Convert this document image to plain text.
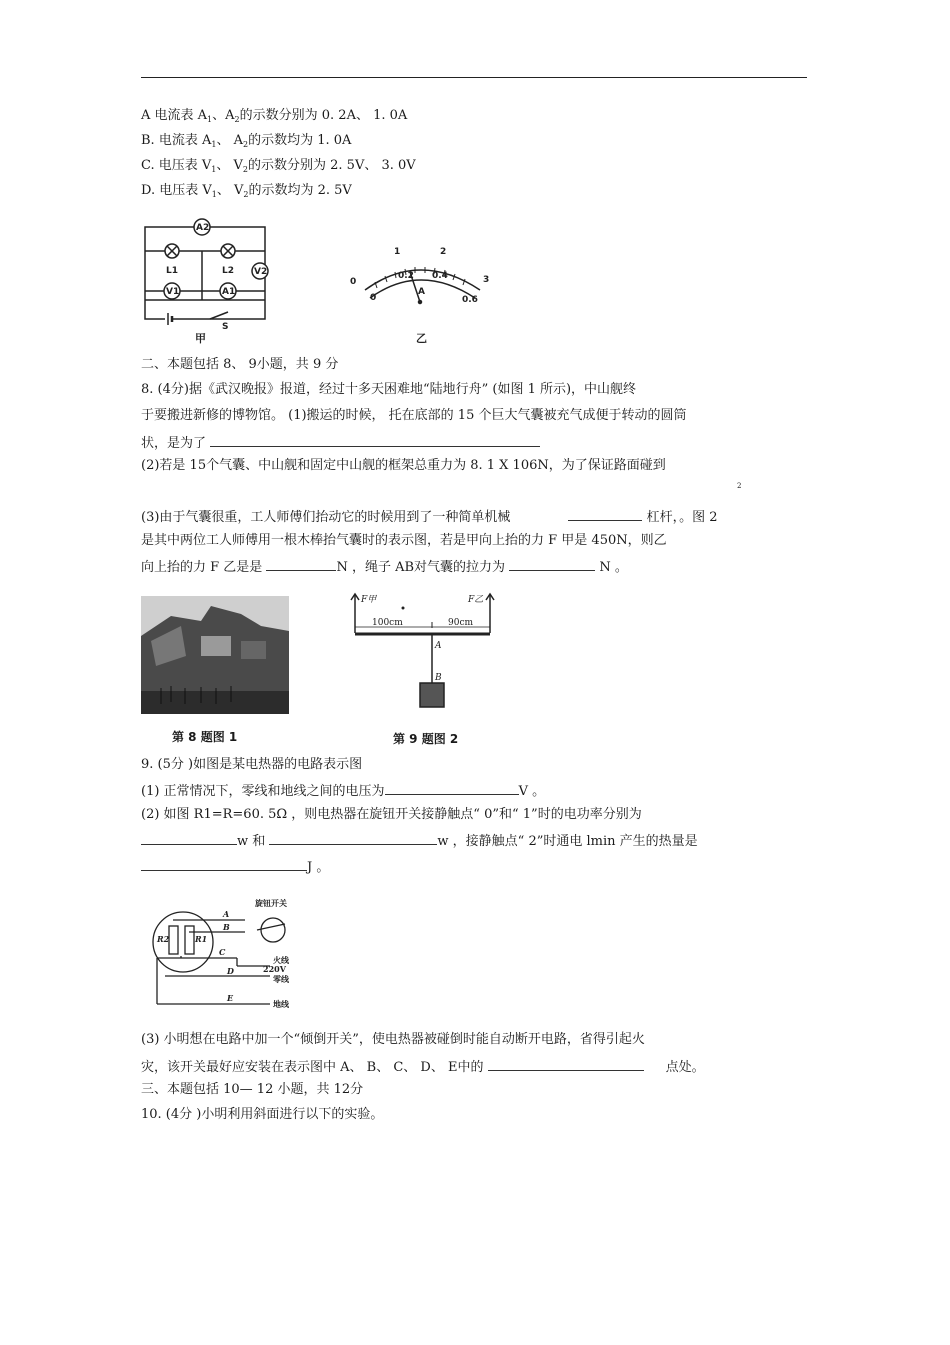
A 电流表 $A_1$、$A_2$的示数分别为 0. 2A、 1. 0A
B. 电流表 $A_1$、 $A_2$的示数均为 1. 0A
C. 电压表 $V_1$、 $V_2$的示数分别为 2. 5V、 3. 0V
D. 电压表 $V_1$、 $V_2$的示数均为 2. 5V
A2
V2
V1	A1
L1	L2
S
甲
1	2
3
0
0.2 0.4
0.6
0
A
乙
二、本题包括 8、 9小题，共 9 分
8. (4分)据《武汉晚报》报道，经过十多天困难地“陆地行舟” (如图 1 所示)，中山舰终
于要搬进新修的博物馆。 (1)搬运的时候， 托在底部的 15 个巨大气囊被充气成便于转动的圆筒
状，是为了
(2)若是 15个气囊、中山舰和固定中山舰的框架总重力为 8. 1 X 106N，为了保证路面碰到
2
(3)由于气囊很重，工人师傅们抬动它的时候用到了一种简单机械	杠杆，。图 2
是其中两位工人师傅用一根木棒抬气囊时的表示图，若是甲向上抬的力 F 甲是 450N，则乙
向上抬的力 F 乙是是	N ，绳子 AB对气囊的拉力为	N 。
第 8 题图 1
F甲	F乙
100cm	90cm
A
B
第 9 题图 2
9. (5分 )如图是某电热器的电路表示图
(1) 正常情况下，零线和地线之间的电压为	V 。
(2) 如图 R1=R=60. 5Ω ，则电热器在旋钮开关接静触点“ 0”和“ 1”时的电功率分别为
w 和	w ，接静触点“ 2”时通电 lmin 产生的热量是
J 。
旋钮开关
R2	R1
A
B
C
D
E
火线
220V
零线
地线
(3) 小明想在电路中加一个“倾倒开关”，使电热器被碰倒时能自动断开电路，省得引起火
灾，该开关最好应安装在表示图中 A、 B、 C、 D、 E中的	点处。
三、本题包括 10— 12 小题，共 12分
10. (4分 )小明利用斜面进行以下的实验。
